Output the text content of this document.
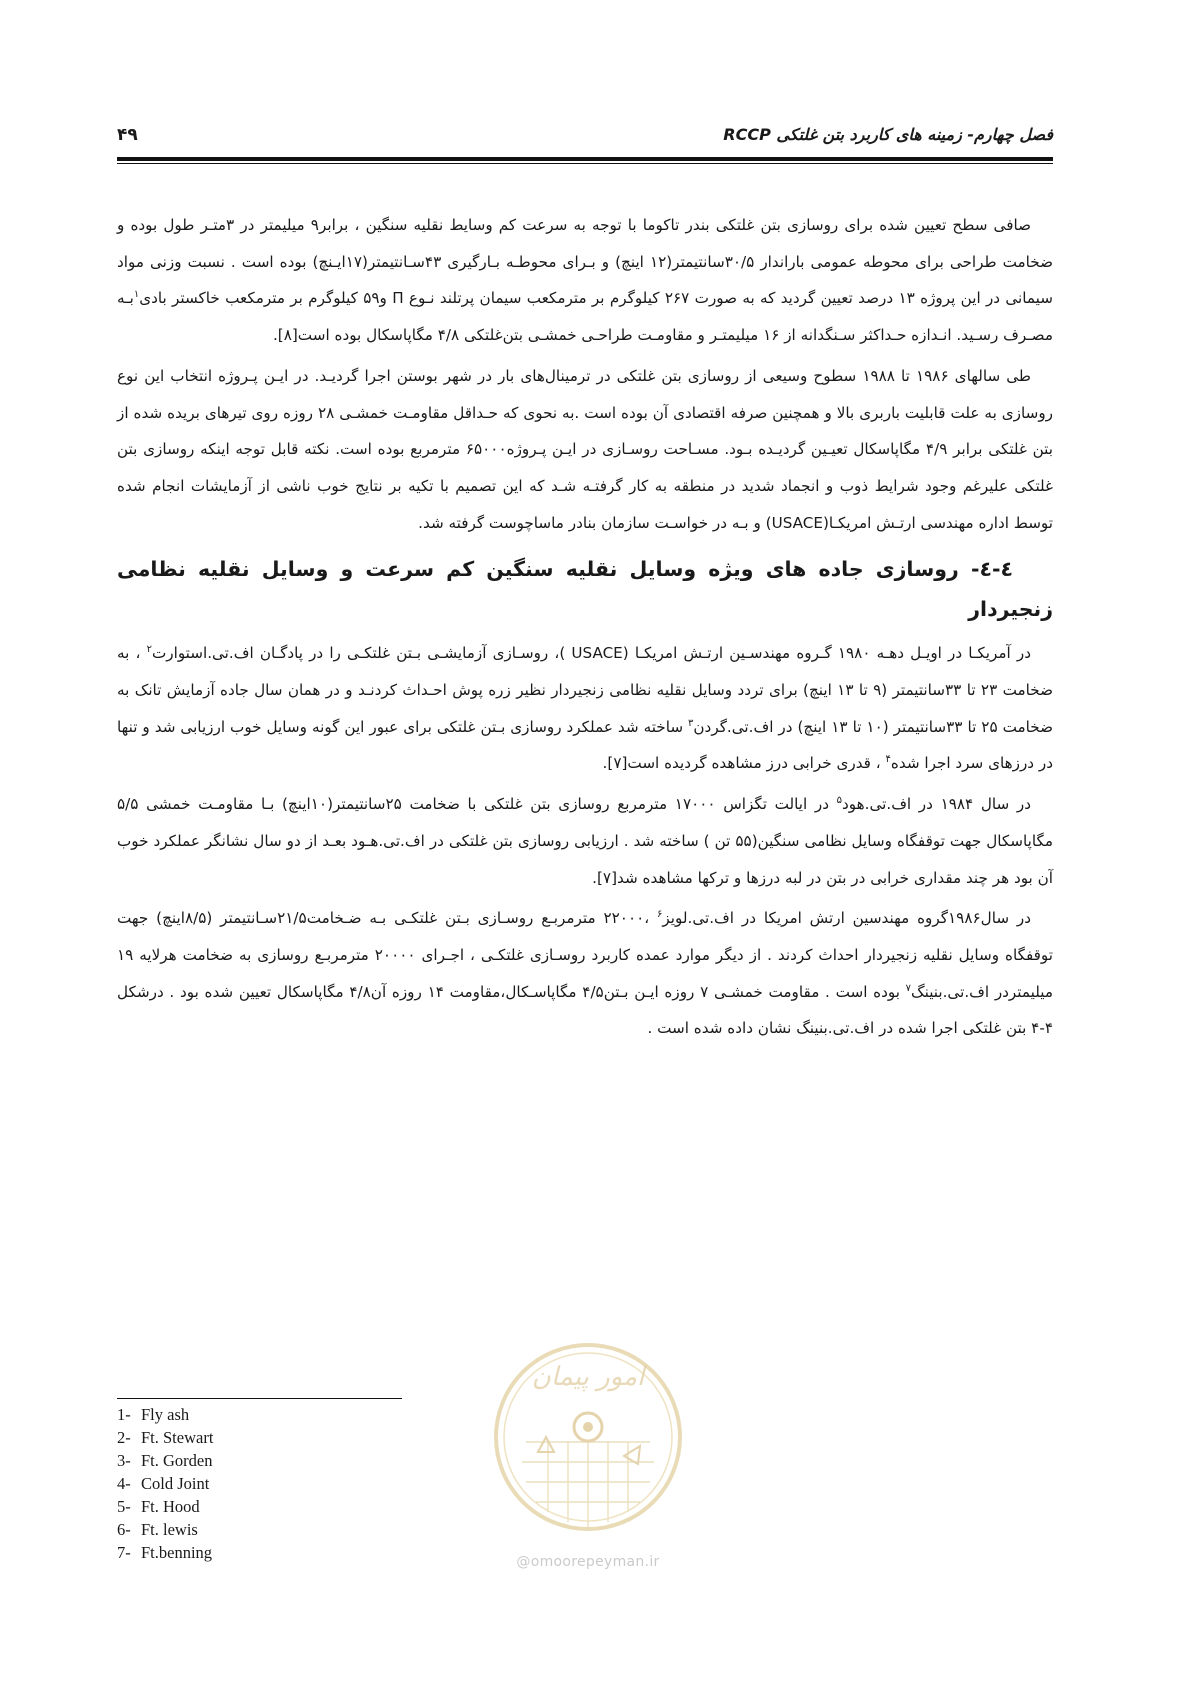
فصل چهارم- زمینه های کاربرد بتن غلتکی RCCP
۴۹

صافی سطح تعیین شده برای روسازی بتن غلتکی بندر تاکوما با توجه به سرعت کم وسایط نقلیه سنگین ، برابر۹ میلیمتر در ۳متـر طول بوده و ضخامت طراحی برای محوطه عمومی باراندار ۳۰/۵سانتیمتر(۱۲ اینچ) و بـرای محوطـه بـارگیری ۴۳سـانتیمتر(۱۷ایـنچ) بوده است . نسبت وزنی مواد سیمانی در این پروژه ۱۳ درصد تعیین گردید که به صورت ۲۶۷ کیلوگرم بر مترمکعب سیمان پرتلند نـوع Π و۵۹ کیلوگرم بر مترمکعب خاکستر بادی$^۱$بـه مصـرف رسـید. انـدازه حـداکثر سـنگدانه از ۱۶ میلیمتـر و مقاومـت طراحـی خمشـی بتن‌غلتکی ۴/۸ مگاپاسکال بوده است[۸].

طی سالهای ۱۹۸۶ تا ۱۹۸۸ سطوح وسیعی از روسازی بتن غلتکی در ترمینال‌های بار در شهر بوستن اجرا گردیـد. در ایـن پـروژه انتخاب این نوع روسازی به علت قابلیت باربری بالا و همچنین صرفه اقتصادی آن بوده است .به نحوی که حـداقل مقاومـت خمشـی ۲۸ روزه روی تیرهای بریده شده از بتن غلتکی برابر ۴/۹ مگاپاسکال تعیـین گردیـده بـود. مسـاحت روسـازی در ایـن پـروژه۶۵۰۰۰ مترمربع بوده است. نکته قابل توجه اینکه روسازی بتن غلتکی علیرغم وجود شرایط ذوب و انجماد شدید در منطقه به کار گرفتـه شـد که این تصمیم با تکیه بر نتایج خوب ناشی از آزمایشات انجام شده توسط اداره مهندسی ارتـش امریکـا(USACE) و بـه در خواسـت سازمان بنادر ماساچوست گرفته شد.

٤-٤- روسازی جاده های ویژه وسایل نقلیه سنگین کم سرعت و وسایل نقلیه نظامی زنجیردار

در آمریکـا در اویـل دهـه ۱۹۸۰ گـروه مهندسـین ارتـش امریکـا (USACE )، روسـازی آزمایشـی بـتن غلتکـی را در پادگـان اف.تی.استوارت$^۲$ ، به ضخامت ۲۳ تا ۳۳سانتیمتر (۹ تا ۱۳ اینچ) برای تردد وسایل نقلیه نظامی زنجیردار نظیر زره پوش احـداث کردنـد و در همان سال جاده آزمایش تانک به ضخامت ۲۵ تا ۳۳سانتیمتر (۱۰ تا ۱۳ اینچ) در اف.تی.گردن$^۳$ ساخته شد عملکرد روسازی بـتن غلتکی برای عبور این گونه وسایل خوب ارزیابی شد و تنها در درزهای سرد اجرا شده$^۴$ ، قدری خرابی درز مشاهده گردیده است[۷].

در سال ۱۹۸۴ در اف.تی.هود$^۵$ در ایالت تگزاس ۱۷۰۰۰ مترمربع روسازی بتن غلتکی با ضخامت ۲۵سانتیمتر(۱۰اینچ) بـا مقاومـت خمشی ۵/۵ مگاپاسکال جهت توقفگاه وسایل نظامی سنگین(۵۵ تن ) ساخته شد . ارزیابی روسازی بتن غلتکی در اف.تی.هـود بعـد از دو سال نشانگر عملکرد خوب آن بود هر چند مقداری خرابی در بتن در لبه درزها و ترکها مشاهده شد[۷].

در سال۱۹۸۶گروه مهندسین ارتش امریکا در اف.تی.لویز$^۶$ ،۲۲۰۰۰ مترمربـع روسـازی بـتن غلتکـی بـه ضـخامت۲۱/۵سـانتیمتر (۸/۵اینچ) جهت توقفگاه وسایل نقلیه زنجیردار احداث کردند . از دیگر موارد عمده کاربرد روسـازی غلتکـی ، اجـرای ۲۰۰۰۰ مترمربـع روسازی به ضخامت هرلایه ۱۹ میلیمتردر اف.تی.بنینگ$^۷$ بوده است . مقاومت خمشـی ۷ روزه ایـن بـتن۴/۵ مگاپاسـکال،مقاومت ۱۴ روزه آن۴/۸ مگاپاسکال تعیین شده بود . درشکل ۴-۴ بتن غلتکی اجرا شده در اف.تی.بنینگ نشان داده شده است .

امور پیمان
@omoorepeyman.ir
1- Fly ash
2- Ft. Stewart
3- Ft. Gorden
4- Cold Joint
5- Ft. Hood
6- Ft. lewis
7- Ft.benning
